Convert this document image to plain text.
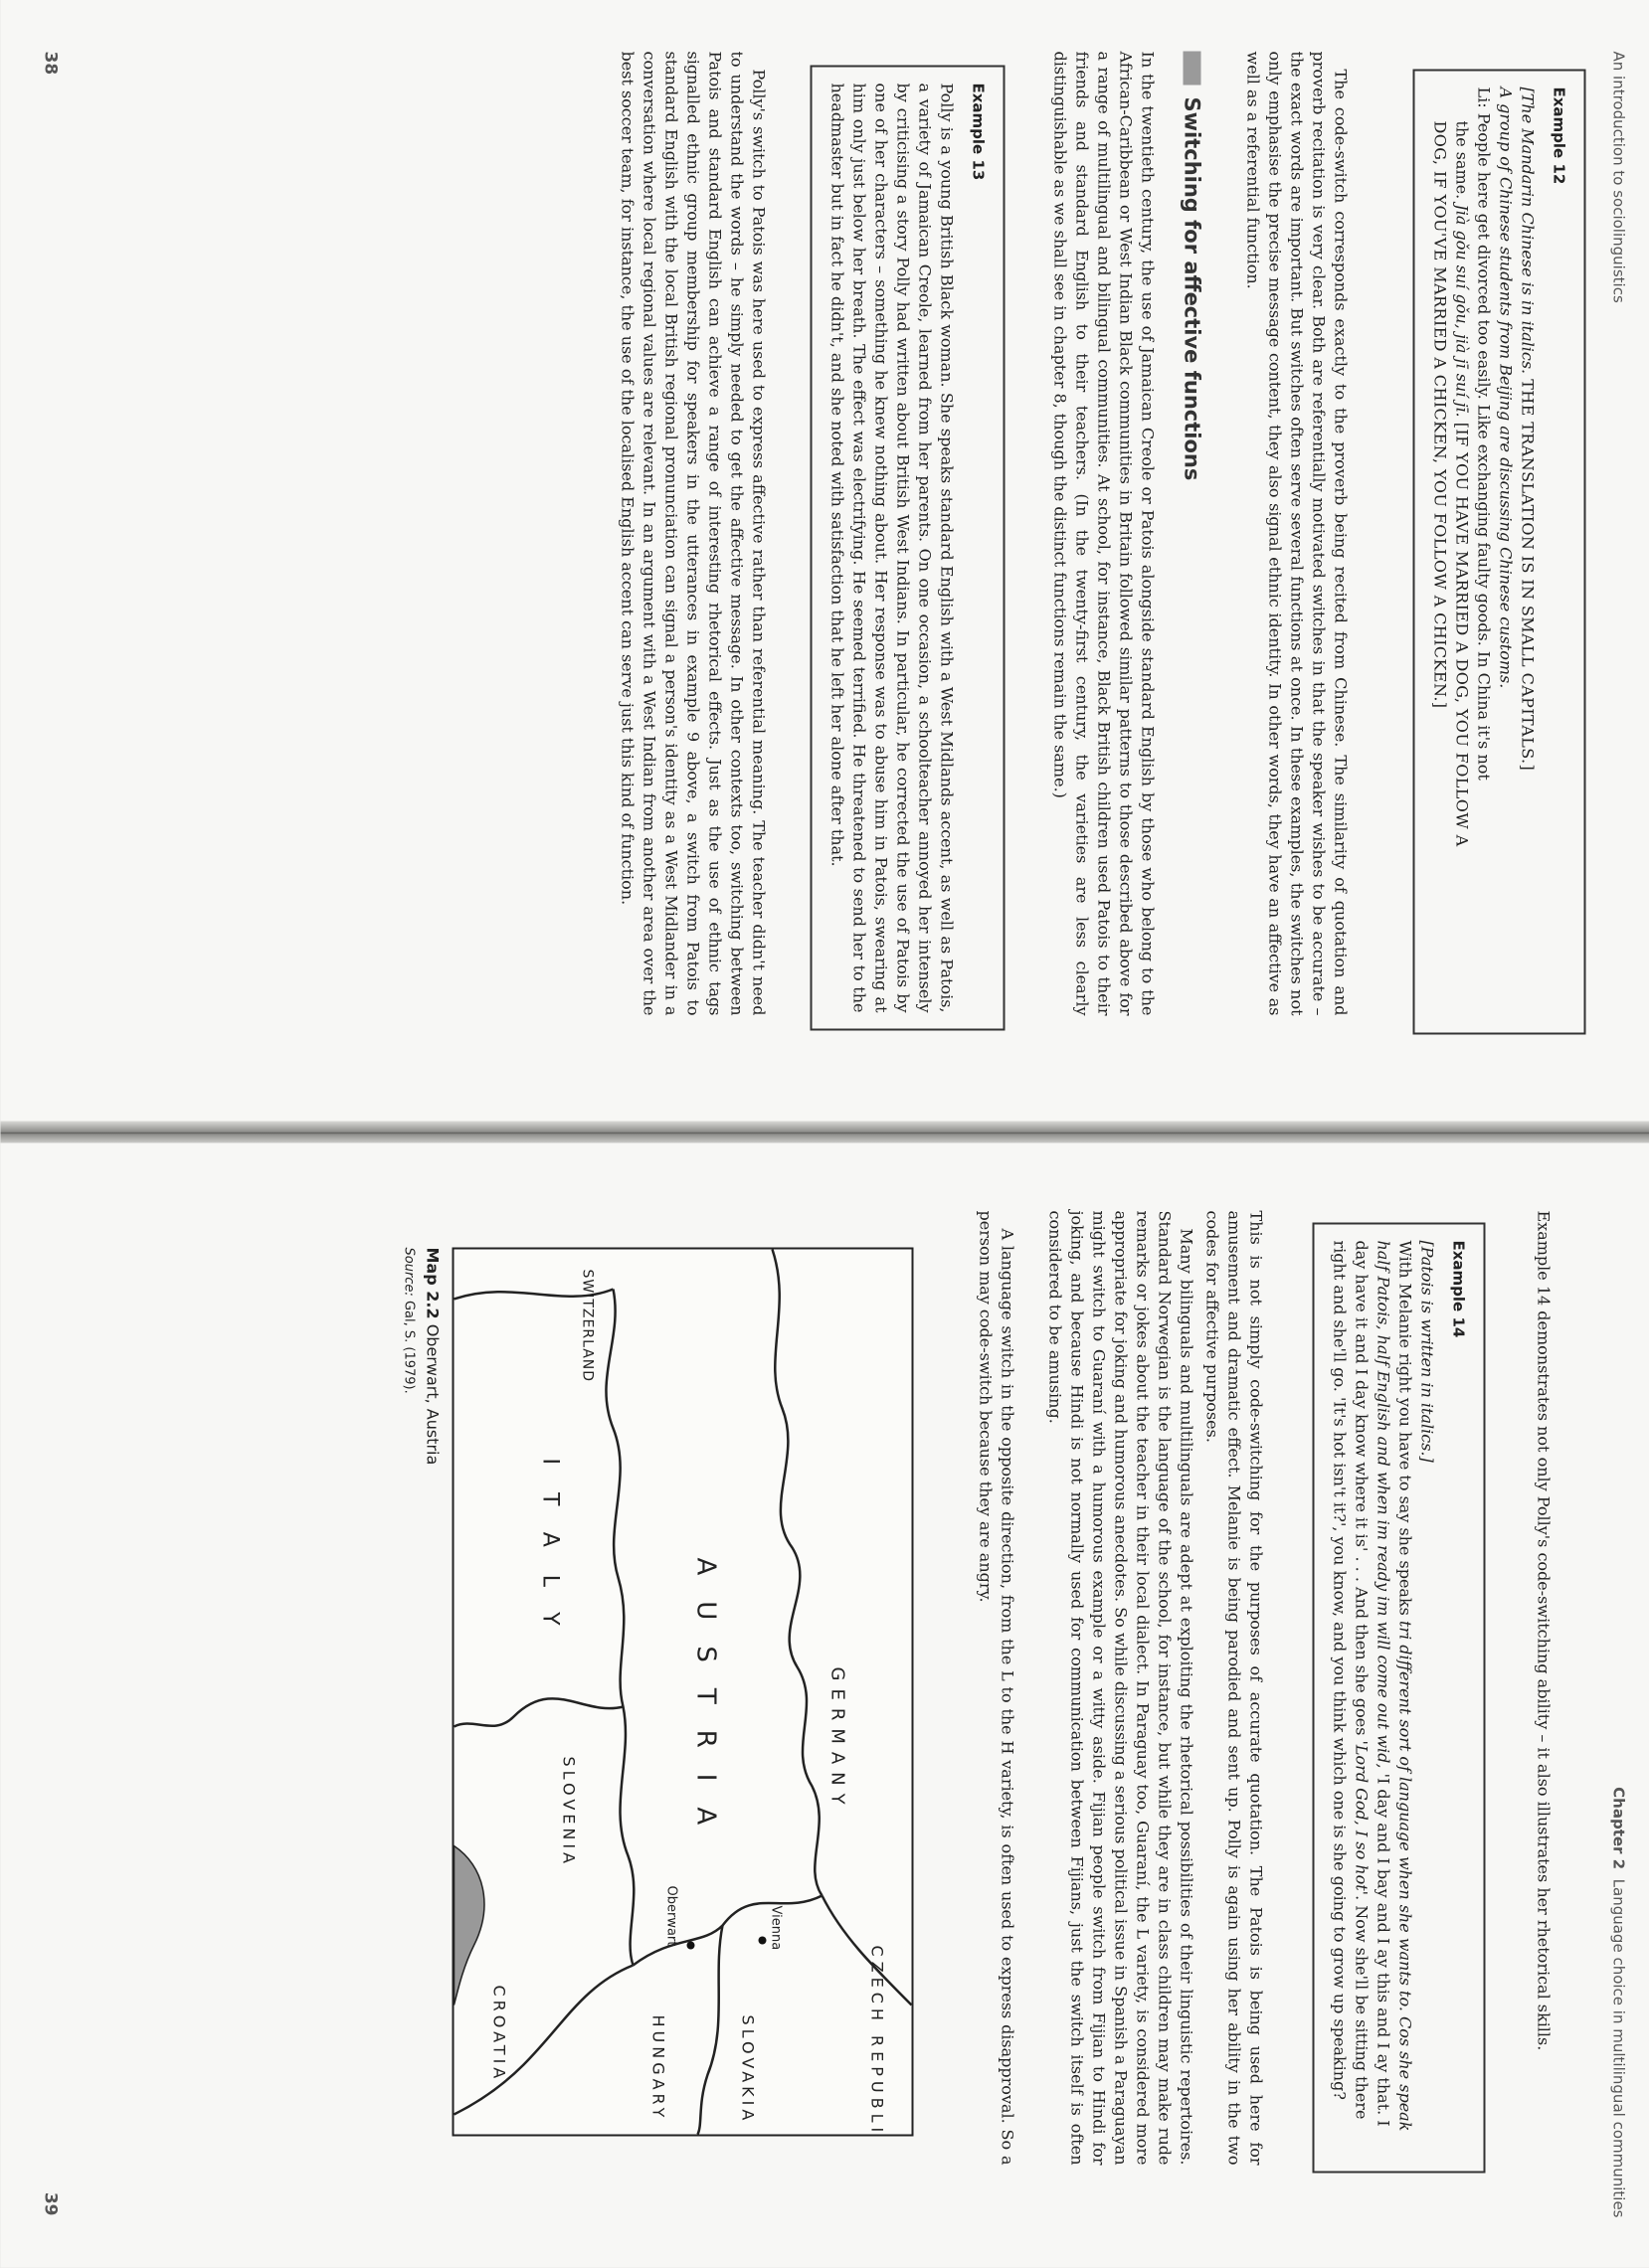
An introduction to sociolinguistics
Example 12
[The Mandarin Chinese is in italics. THE TRANSLATION IS IN SMALL CAPITALS.]
A group of Chinese students from Beijing are discussing Chinese customs.
Li: People here get divorced too easily. Like exchanging faulty goods. In China it's not
the same. Jià gǒu suí gǒu, jià jī suí jī. [IF YOU HAVE MARRIED A DOG, YOU FOLLOW A
DOG, IF YOU'VE MARRIED A CHICKEN, YOU FOLLOW A CHICKEN.]

The code-switch corresponds exactly to the proverb being recited from Chinese. The similarity of quotation and proverb recitation is very clear. Both are referentially motivated switches in that the speaker wishes to be accurate – the exact words are important. But switches often serve several functions at once. In these examples, the switches not only emphasise the precise message content, they also signal ethnic identity. In other words, they have an affective as well as a referential function.

Switching for affective functions

In the twentieth century, the use of Jamaican Creole or Patois alongside standard English by those who belong to the African-Caribbean or West Indian Black communities in Britain followed similar patterns to those described above for a range of multilingual and bilingual communities. At school, for instance, Black British children used Patois to their friends and standard English to their teachers. (In the twenty-first century, the varieties are less clearly distinguishable as we shall see in chapter 8, though the distinct functions remain the same.)

Example 13
Polly is a young British Black woman. She speaks standard English with a West Midlands accent, as well as Patois, a variety of Jamaican Creole, learned from her parents. On one occasion, a schoolteacher annoyed her intensely by criticising a story Polly had written about British West Indians. In particular, he corrected the use of Patois by one of her characters – something he knew nothing about. Her response was to abuse him in Patois, swearing at him only just below her breath. The effect was electrifying. He seemed terrified. He threatened to send her to the headmaster but in fact he didn't, and she noted with satisfaction that he left her alone after that.

Polly's switch to Patois was here used to express affective rather than referential meaning. The teacher didn't need to understand the words – he simply needed to get the affective message. In other contexts too, switching between Patois and standard English can achieve a range of interesting rhetorical effects. Just as the use of ethnic tags signalled ethnic group membership for speakers in the utterances in example 9 above, a switch from Patois to standard English with the local British regional pronunciation can signal a person's identity as a West Midlander in a conversation where local regional values are relevant. In an argument with a West Indian from another area over the best soccer team, for instance, the use of the localised English accent can serve just this kind of function.

38
Chapter 2  Language choice in multilingual communities

Example 14 demonstrates not only Polly's code-switching ability – it also illustrates her rhetorical skills.

Example 14
[Patois is written in italics.]
With Melanie right you have to say she speaks tri different sort of language when she wants to. Cos she speak half Patois, half English and when im ready im will come out wid, 'I day and I bay and I ay this and I ay that. I day have it and I day know where it is' . . . And then she goes 'Lord God, I so hot'. Now she'll be sitting there right and she'll go. 'It's hot isn't it?', you know, and you think which one is she going to grow up speaking?

This is not simply code-switching for the purposes of accurate quotation. The Patois is being used here for amusement and dramatic effect. Melanie is being parodied and sent up. Polly is again using her ability in the two codes for affective purposes.

Many bilinguals and multilinguals are adept at exploiting the rhetorical possibilities of their linguistic repertoires. Standard Norwegian is the language of the school, for instance, but while they are in class children may make rude remarks or jokes about the teacher in their local dialect. In Paraguay too, Guaraní, the L variety, is considered more appropriate for joking and humorous anecdotes. So while discussing a serious political issue in Spanish a Paraguayan might switch to Guaraní with a humorous example or a witty aside. Fijian people switch from Fijian to Hindi for joking, and because Hindi is not normally used for communication between Fijians, just the switch itself is often considered to be amusing.

A language switch in the opposite direction, from the L to the H variety, is often used to express disapproval. So a person may code-switch because they are angry.

GERMANY
CZECH REPUBLIC
SLOVAKIA
AUSTRIA
HUNGARY
SWITZERLAND
ITALY
SLOVENIA
CROATIA
Vienna
Oberwart
Map 2.2 Oberwart, Austria
Source: Gal, S. (1979).
39
